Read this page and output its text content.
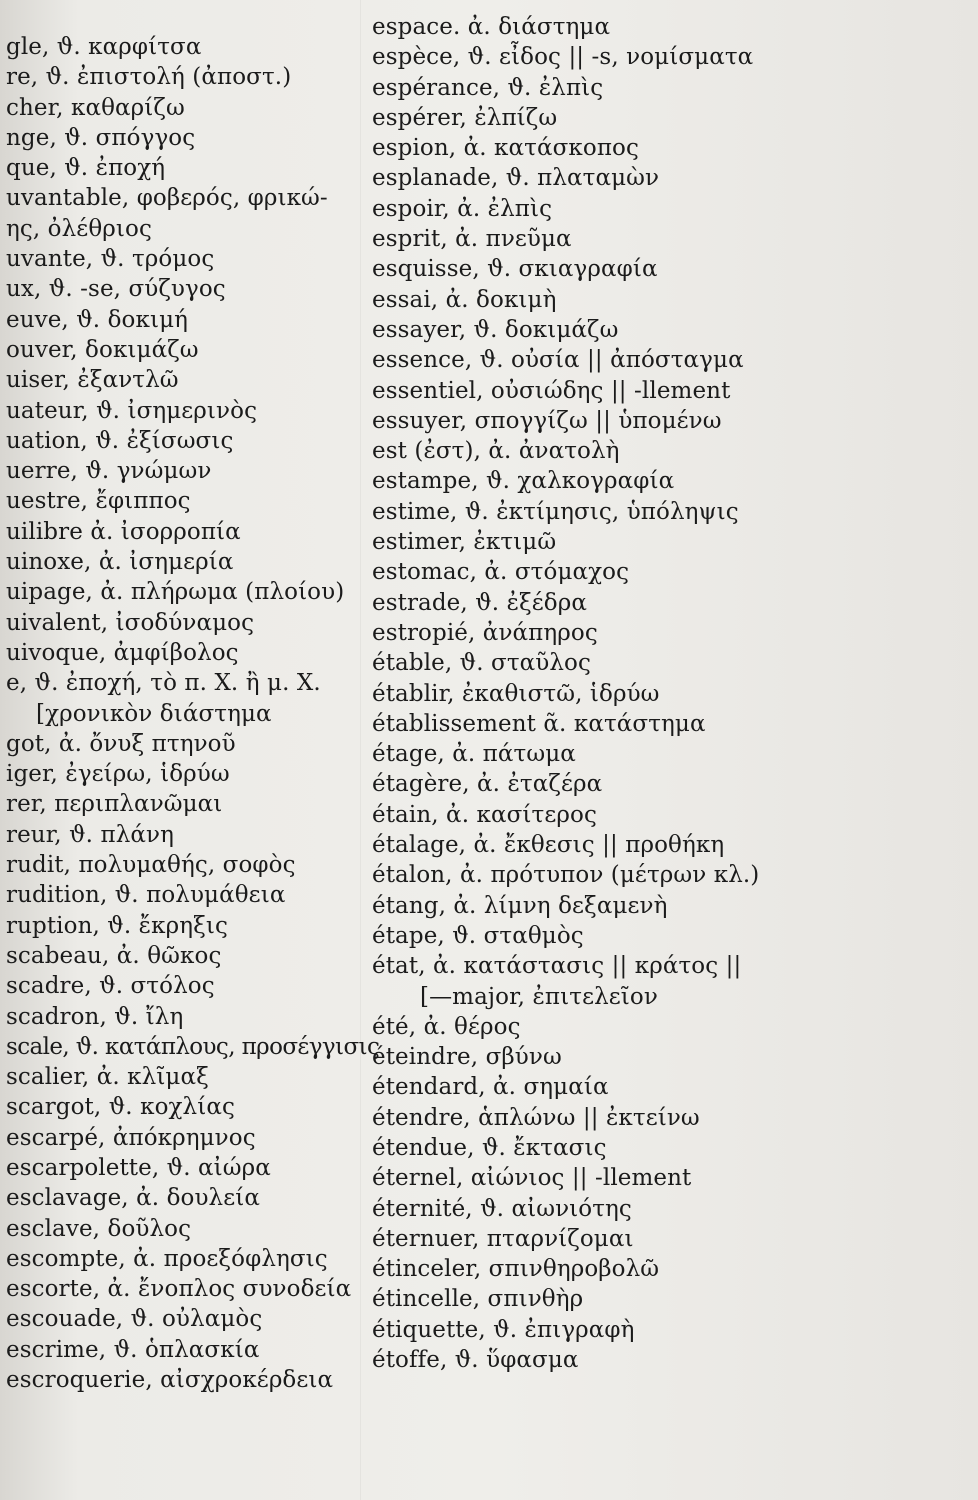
gle, ϑ. καρφίτσα
re, ϑ. ἐπιστολή (ἀποστ.)
cher, καθαρίζω
nge, ϑ. σπόγγος
que, ϑ. ἐποχή
uvantable, φοβερός, φρικώ-
ης, ὀλέθριος
uvante, ϑ. τρόμος
ux, ϑ. -se, σύζυγος
euve, ϑ. δοκιμή
ouver, δοκιμάζω
uiser, ἐξαντλῶ
uateur, ϑ. ἰσημερινὸς
uation, ϑ. ἐξίσωσις
uerre, ϑ. γνώμων
uestre, ἔφιππος
uilibre ἀ. ἰσορροπία
uinoxe, ἀ. ἰσημερία
uipage, ἀ. πλήρωμα (πλοίου)
uivalent, ἰσοδύναμος
uivoque, ἀμφίβολος
e, ϑ. ἐποχή, τὸ π. Χ. ἢ μ. Χ.
[χρονικὸν διάστημα
got, ἀ. ὄνυξ πτηνοῦ
iger, ἐγείρω, ἱδρύω
rer, περιπλανῶμαι
reur, ϑ. πλάνη
rudit, πολυμαθής, σοφὸς
rudition, ϑ. πολυμάθεια
ruption, ϑ. ἔκρηξις
scabeau, ἀ. θῶκος
scadre, ϑ. στόλος
scadron, ϑ. ἴλη
scale, ϑ. κατάπλους, προσέγγισις
scalier, ἀ. κλῖμαξ
scargot, ϑ. κοχλίας
escarpé, ἀπόκρημνος
escarpolette, ϑ. αἰώρα
esclavage, ἀ. δουλεία
esclave, δοῦλος
escompte, ἀ. προεξόφλησις
escorte, ἀ. ἔνοπλος συνοδεία
escouade, ϑ. οὐλαμὸς
escrime, ϑ. ὁπλασκία
escroquerie, αἰσχροκέρδεια
espace. ἀ. διάστημα
espèce, ϑ. εἶδος || -s, νομίσματα
espérance, ϑ. ἐλπὶς
espérer, ἐλπίζω
espion, ἀ. κατάσκοπος
esplanade, ϑ. πλαταμὼν
espoir, ἀ. ἐλπὶς
esprit, ἀ. πνεῦμα
esquisse, ϑ. σκιαγραφία
essai, ἀ. δοκιμὴ
essayer, ϑ. δοκιμάζω
essence, ϑ. οὐσία || ἀπόσταγμα
essentiel, οὐσιώδης || -llement
essuyer, σπογγίζω || ὑπομένω
est (ἐστ), ἀ. ἀνατολὴ
estampe, ϑ. χαλκογραφία
estime, ϑ. ἐκτίμησις, ὑπόληψις
estimer, ἐκτιμῶ
estomac, ἀ. στόμαχος
estrade, ϑ. ἐξέδρα
estropié, ἀνάπηρος
étable, ϑ. σταῦλος
établir, ἐκαθιστῶ, ἱδρύω
établissement ᾶ. κατάστημα
étage, ἀ. πάτωμα
étagère, ἀ. ἐταζέρα
étain, ἀ. κασίτερος
étalage, ἀ. ἔκθεσις || προθήκη
étalon, ἀ. πρότυπον (μέτρων κλ.)
étang, ἀ. λίμνη δεξαμενὴ
étape, ϑ. σταθμὸς
état, ἀ. κατάστασις || κράτος ||
[—major, ἐπιτελεῖον
été, ἀ. θέρος
éteindre, σβύνω
étendard, ἀ. σημαία
étendre, ἁπλώνω || ἐκτείνω
étendue, ϑ. ἔκτασις
éternel, αἰώνιος || -llement
éternité, ϑ. αἰωνιότης
éternuer, πταρνίζομαι
étinceler, σπινθηροβολῶ
étincelle, σπινθὴρ
étiquette, ϑ. ἐπιγραφὴ
étoffe, ϑ. ὕφασμα
